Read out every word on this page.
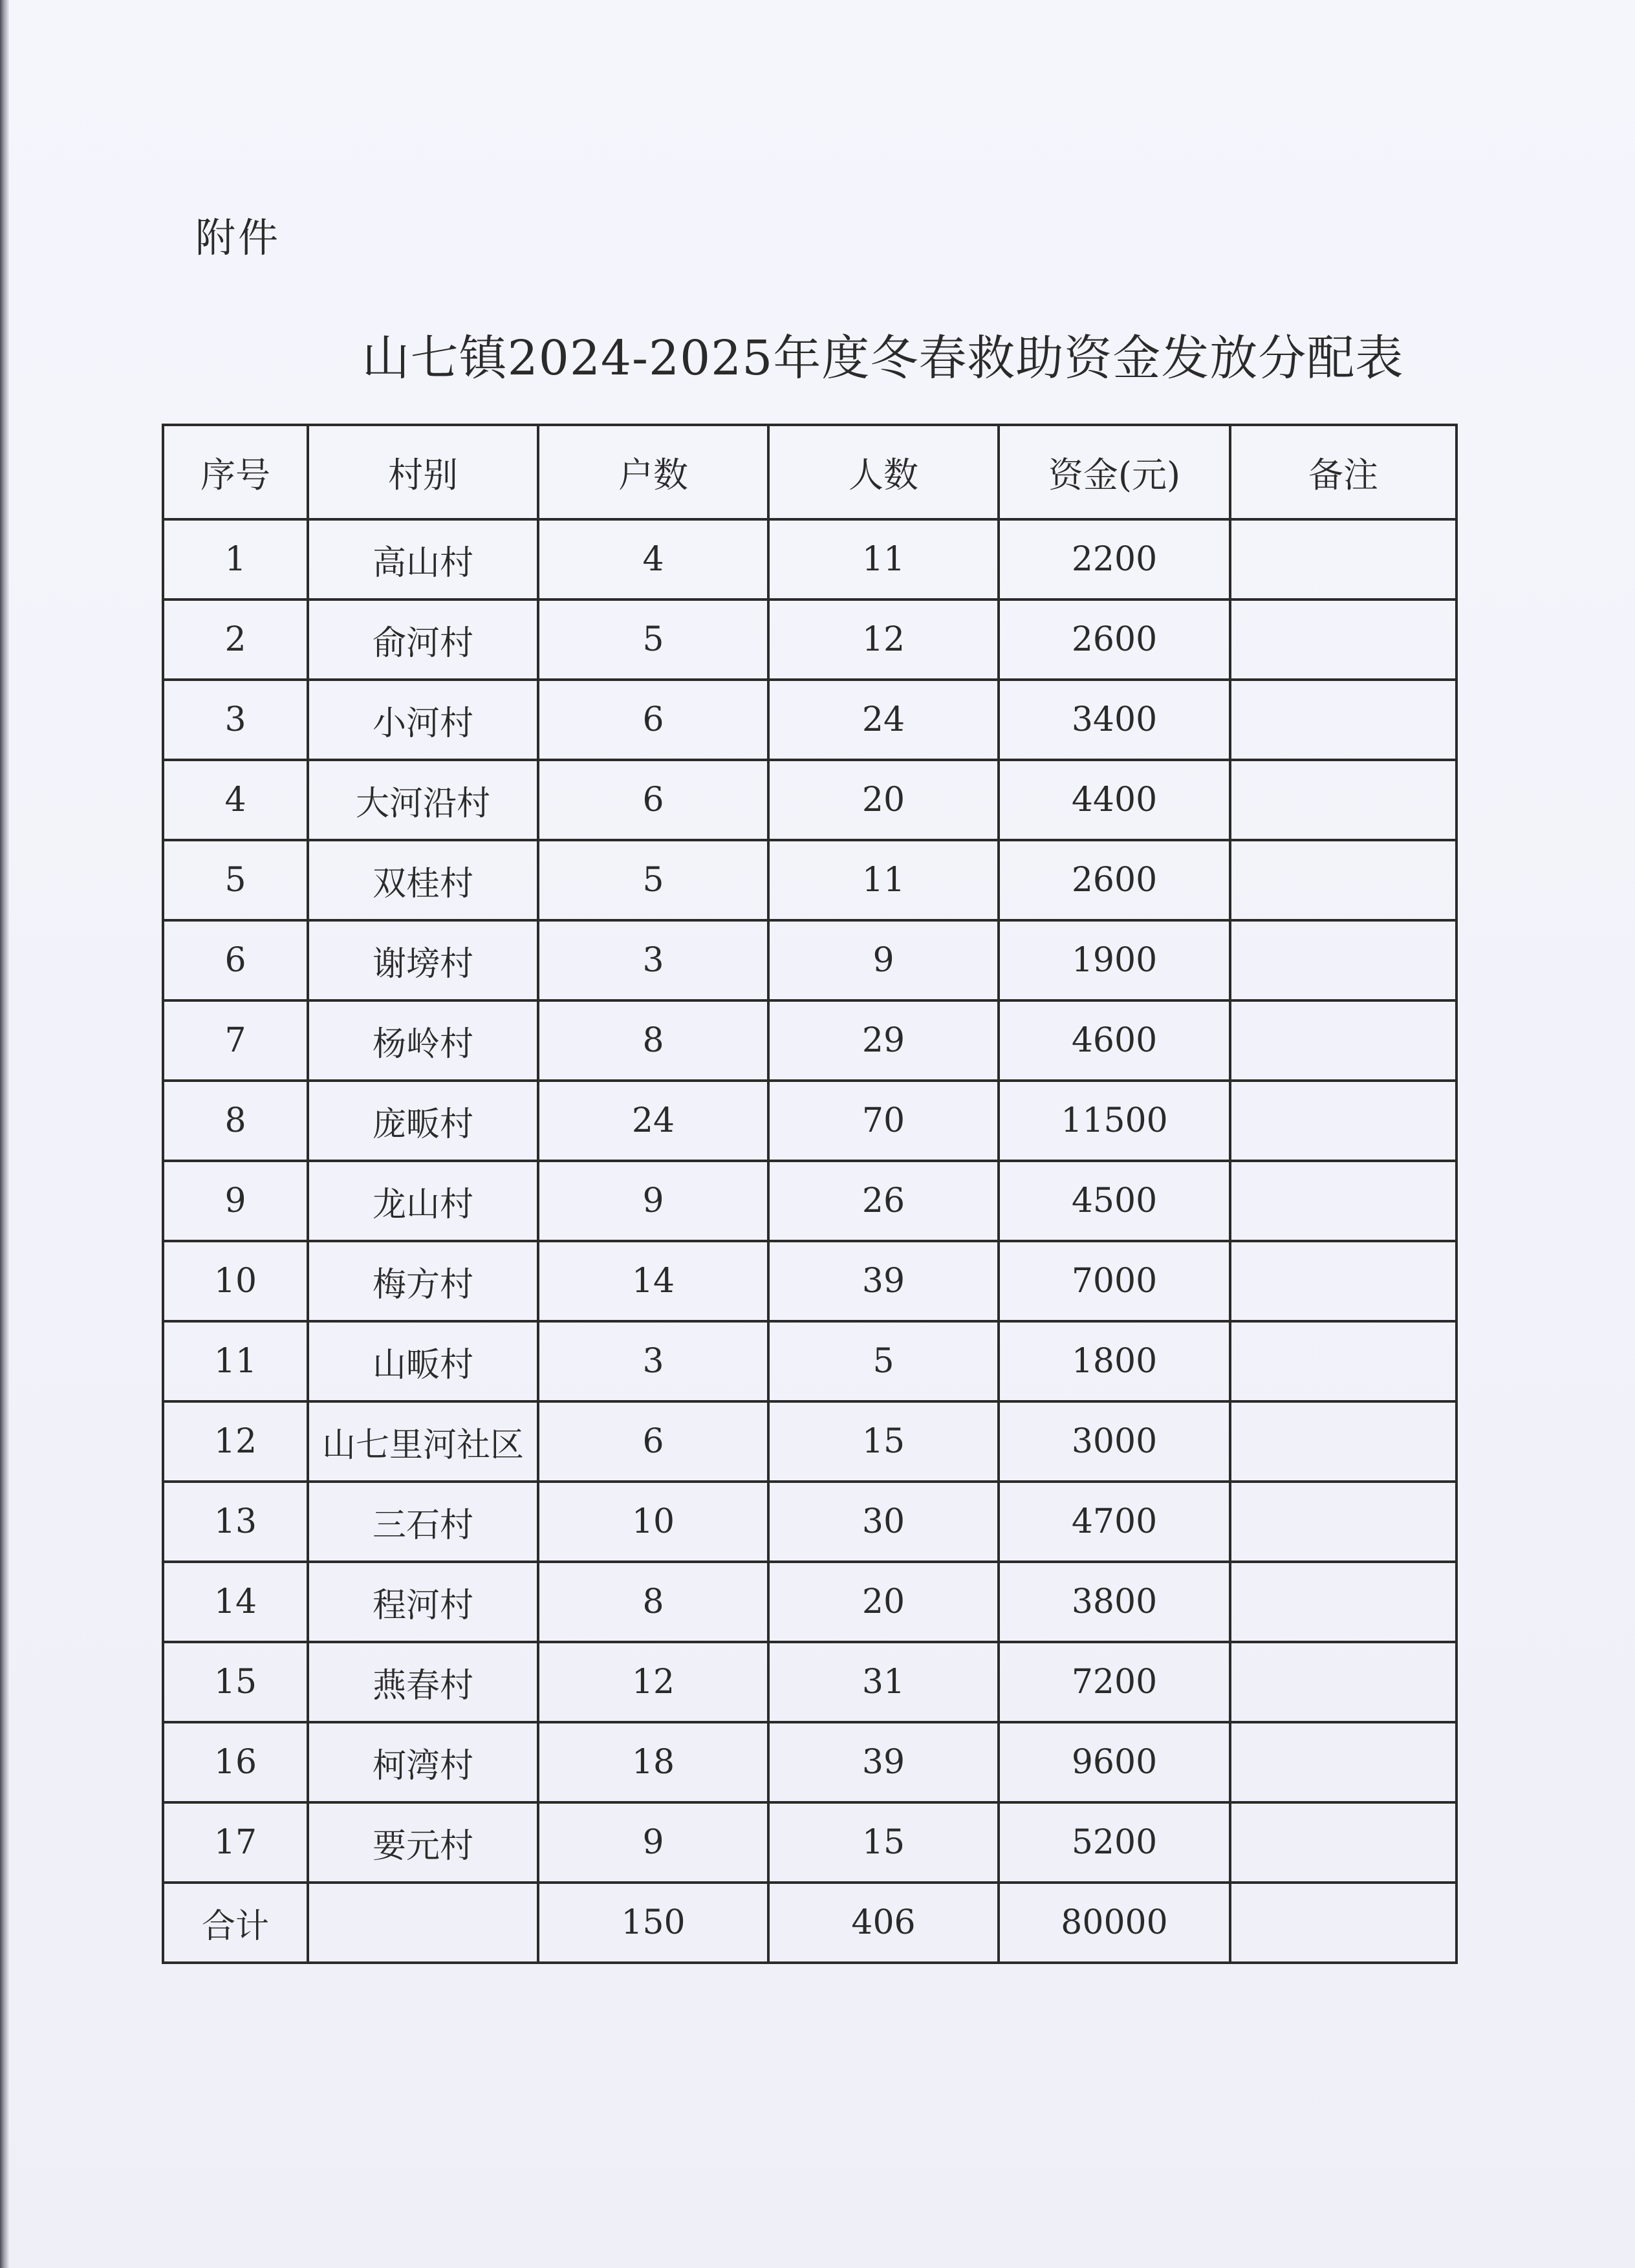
附件
山七镇2024-2025年度冬春救助资金发放分配表
序号	村别	户数	人数	资金(元)	备注
1	高山村	4	11	2200	
2	俞河村	5	12	2600	
3	小河村	6	24	3400	
4	大河沿村	6	20	4400	
5	双桂村	5	11	2600	
6	谢塝村	3	9	1900	
7	杨岭村	8	29	4600	
8	庞畈村	24	70	11500	
9	龙山村	9	26	4500	
10	梅方村	14	39	7000	
11	山畈村	3	5	1800	
12	山七里河社区	6	15	3000	
13	三石村	10	30	4700	
14	程河村	8	20	3800	
15	燕春村	12	31	7200	
16	柯湾村	18	39	9600	
17	要元村	9	15	5200	
合计		150	406	80000	
